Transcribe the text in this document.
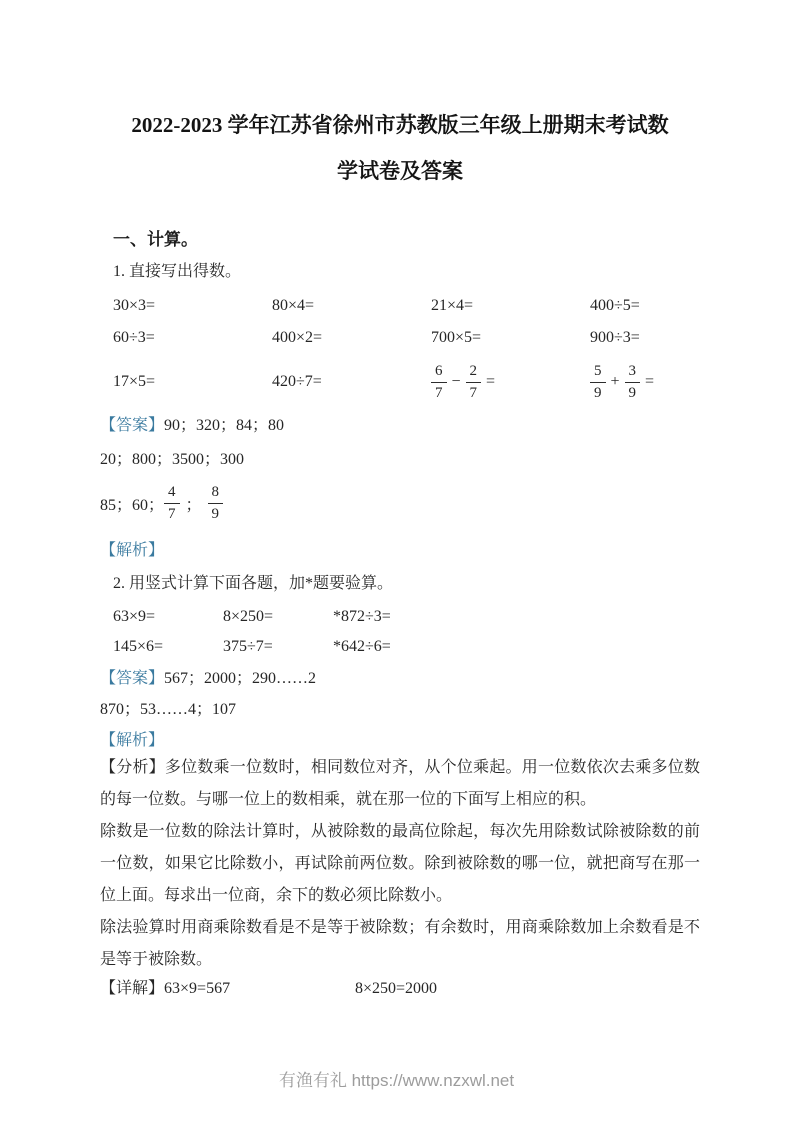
2022-2023 学年江苏省徐州市苏教版三年级上册期末考试数
学试卷及答案
一、计算。
1. 直接写出得数。
30×3=	80×4=	21×4=	400÷5=
60÷3=	400×2=	700×5=	900÷3=
17×5=	420÷7=	$\frac{6}{7} - \frac{2}{7}$ =	$\frac{5}{9} + \frac{3}{9}$ =
【答案】90；320；84；80
20；800；3500；300
85；60； $\frac{4}{7}$ ； $\frac{8}{9}$
【解析】
2. 用竖式计算下面各题，加*题要验算。
63×9=	8×250=	*872÷3=
145×6=	375÷7=	*642÷6=
【答案】567；2000；290……2
870；53……4；107
【解析】

【分析】多位数乘一位数时，相同数位对齐，从个位乘起。用一位数依次去乘多位数的每一位数。与哪一位上的数相乘，就在那一位的下面写上相应的积。

除数是一位数的除法计算时，从被除数的最高位除起，每次先用除数试除被除数的前一位数，如果它比除数小，再试除前两位数。除到被除数的哪一位，就把商写在那一位上面。每求出一位商，余下的数必须比除数小。

除法验算时用商乘除数看是不是等于被除数；有余数时，用商乘除数加上余数看是不是等于被除数。

【详解】63×9=567	8×250=2000
有渔有礼 https://www.nzxwl.net
